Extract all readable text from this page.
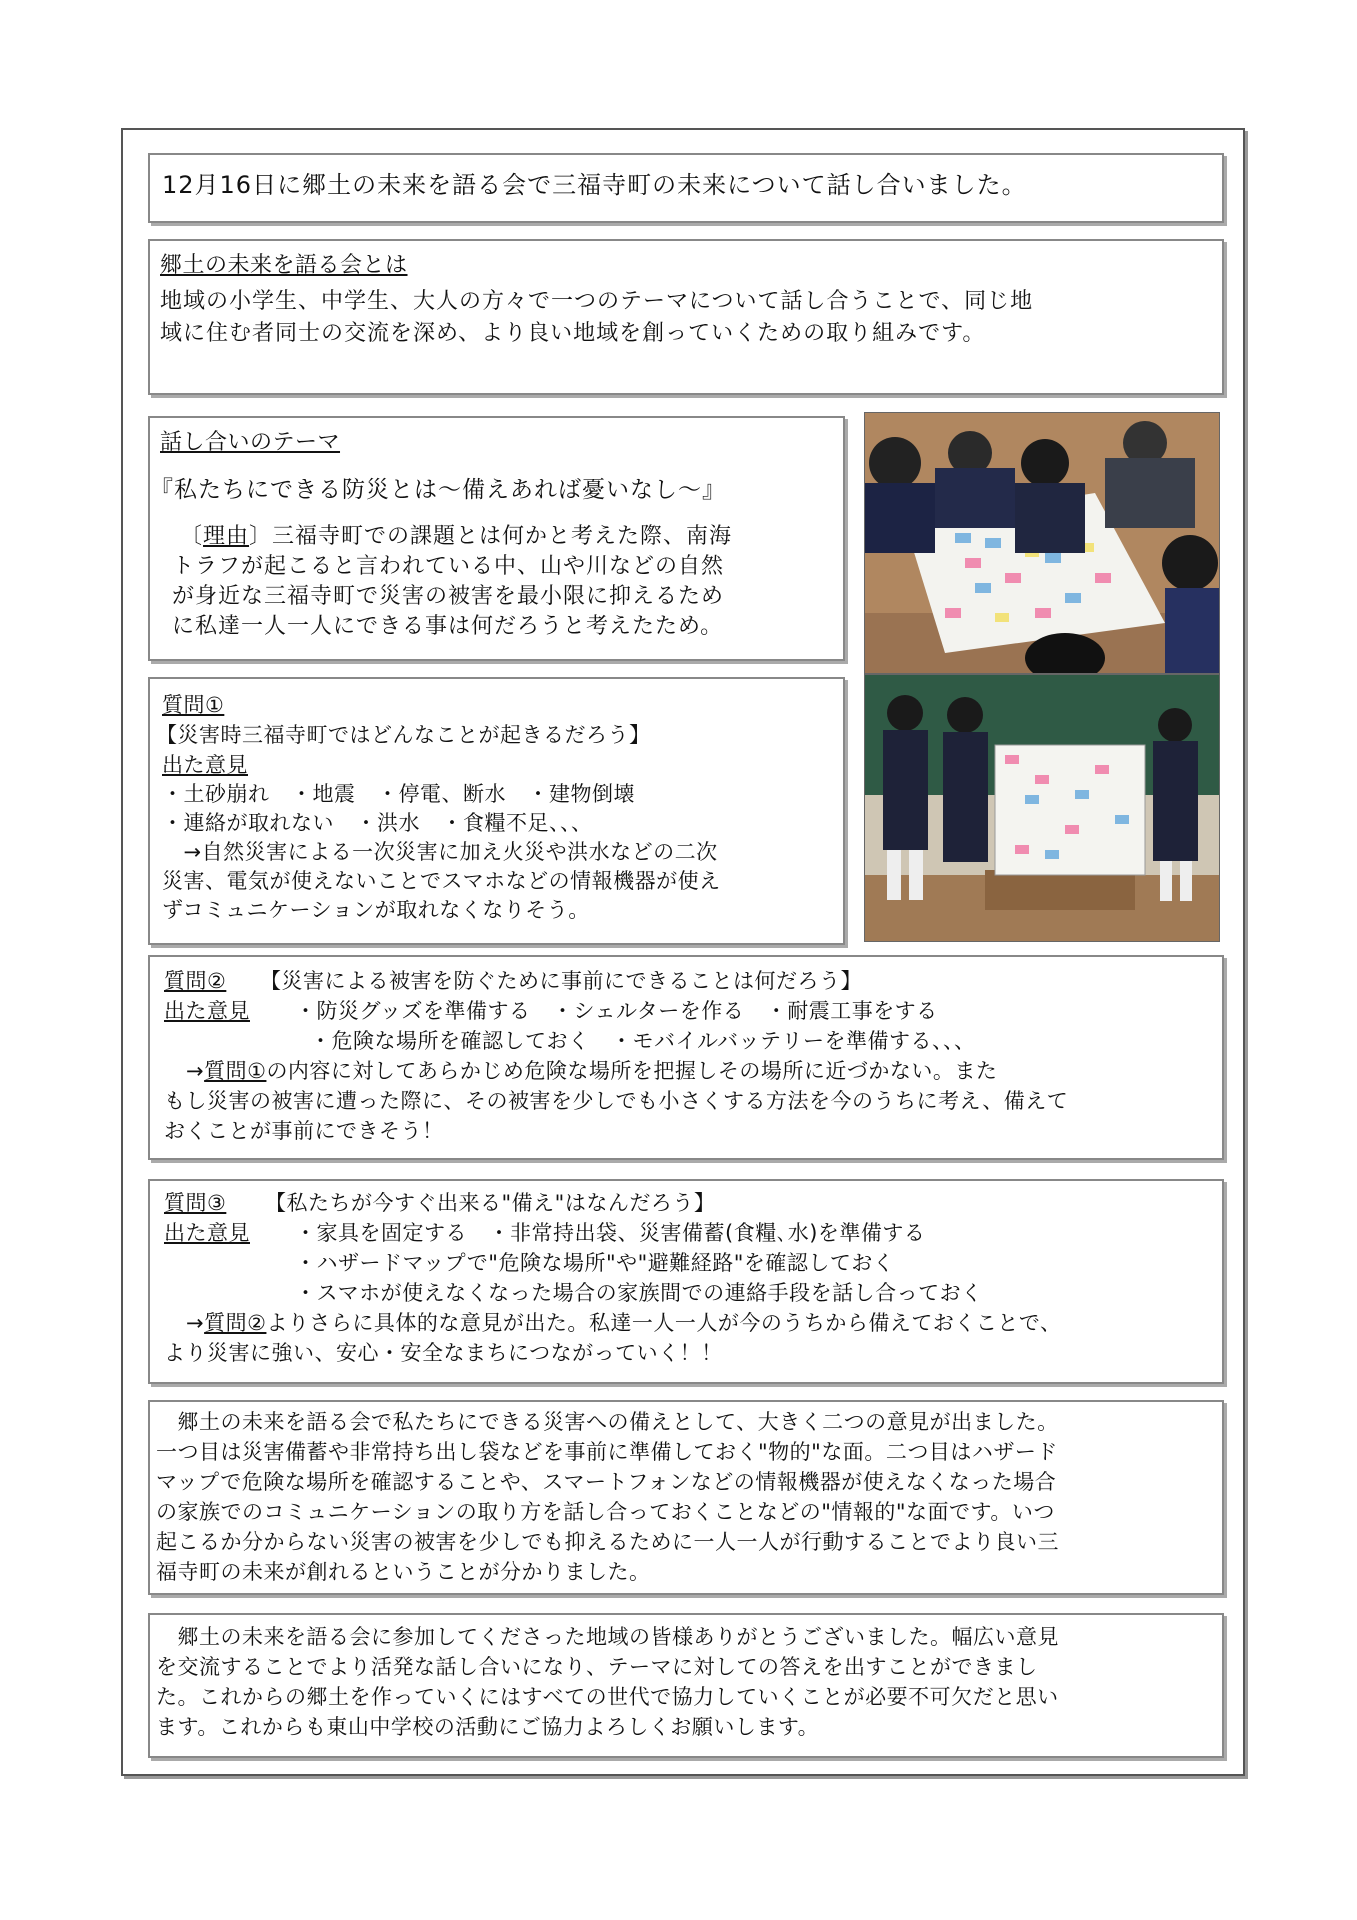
12月16日に郷土の未来を語る会で三福寺町の未来について話し合いました。
郷土の未来を語る会とは
地域の小学生、中学生、大人の方々で一つのテーマについて話し合うことで、同じ地
域に住む者同士の交流を深め、より良い地域を創っていくための取り組みです。
話し合いのテーマ
『私たちにできる防災とは～備えあれば憂いなし～』
〔理由〕三福寺町での課題とは何かと考えた際、南海
トラフが起こると言われている中、山や川などの自然
が身近な三福寺町で災害の被害を最小限に抑えるため
に私達一人一人にできる事は何だろうと考えたため。
質問①
【災害時三福寺町ではどんなことが起きるだろう】
出た意見
・土砂崩れ　・地震　・停電、断水　・建物倒壊
・連絡が取れない　・洪水　・食糧不足、、、
　→自然災害による一次災害に加え火災や洪水などの二次
災害、電気が使えないことでスマホなどの情報機器が使え
ずコミュニケーションが取れなくなりそう。
質問② 【災害による被害を防ぐために事前にできることは何だろう】
出た意見 ・防災グッズを準備する　・シェルターを作る　・耐震工事をする
・危険な場所を確認しておく　・モバイルバッテリーを準備する、、、
→質問①の内容に対してあらかじめ危険な場所を把握しその場所に近づかない。また
もし災害の被害に遭った際に、その被害を少しでも小さくする方法を今のうちに考え、備えて
おくことが事前にできそう！
質問③ 【私たちが今すぐ出来る"備え"はなんだろう】
出た意見 ・家具を固定する　・非常持出袋、災害備蓄(食糧､水)を準備する
・ハザードマップで"危険な場所"や"避難経路"を確認しておく
・スマホが使えなくなった場合の家族間での連絡手段を話し合っておく
→質問②よりさらに具体的な意見が出た。私達一人一人が今のうちから備えておくことで、
より災害に強い、安心・安全なまちにつながっていく！！
　郷土の未来を語る会で私たちにできる災害への備えとして、大きく二つの意見が出ました。
一つ目は災害備蓄や非常持ち出し袋などを事前に準備しておく"物的"な面。二つ目はハザード
マップで危険な場所を確認することや、スマートフォンなどの情報機器が使えなくなった場合
の家族でのコミュニケーションの取り方を話し合っておくことなどの"情報的"な面です。いつ
起こるか分からない災害の被害を少しでも抑えるために一人一人が行動することでより良い三
福寺町の未来が創れるということが分かりました。
　郷土の未来を語る会に参加してくださった地域の皆様ありがとうございました。幅広い意見
を交流することでより活発な話し合いになり、テーマに対しての答えを出すことができまし
た。これからの郷土を作っていくにはすべての世代で協力していくことが必要不可欠だと思い
ます。これからも東山中学校の活動にご協力よろしくお願いします。
